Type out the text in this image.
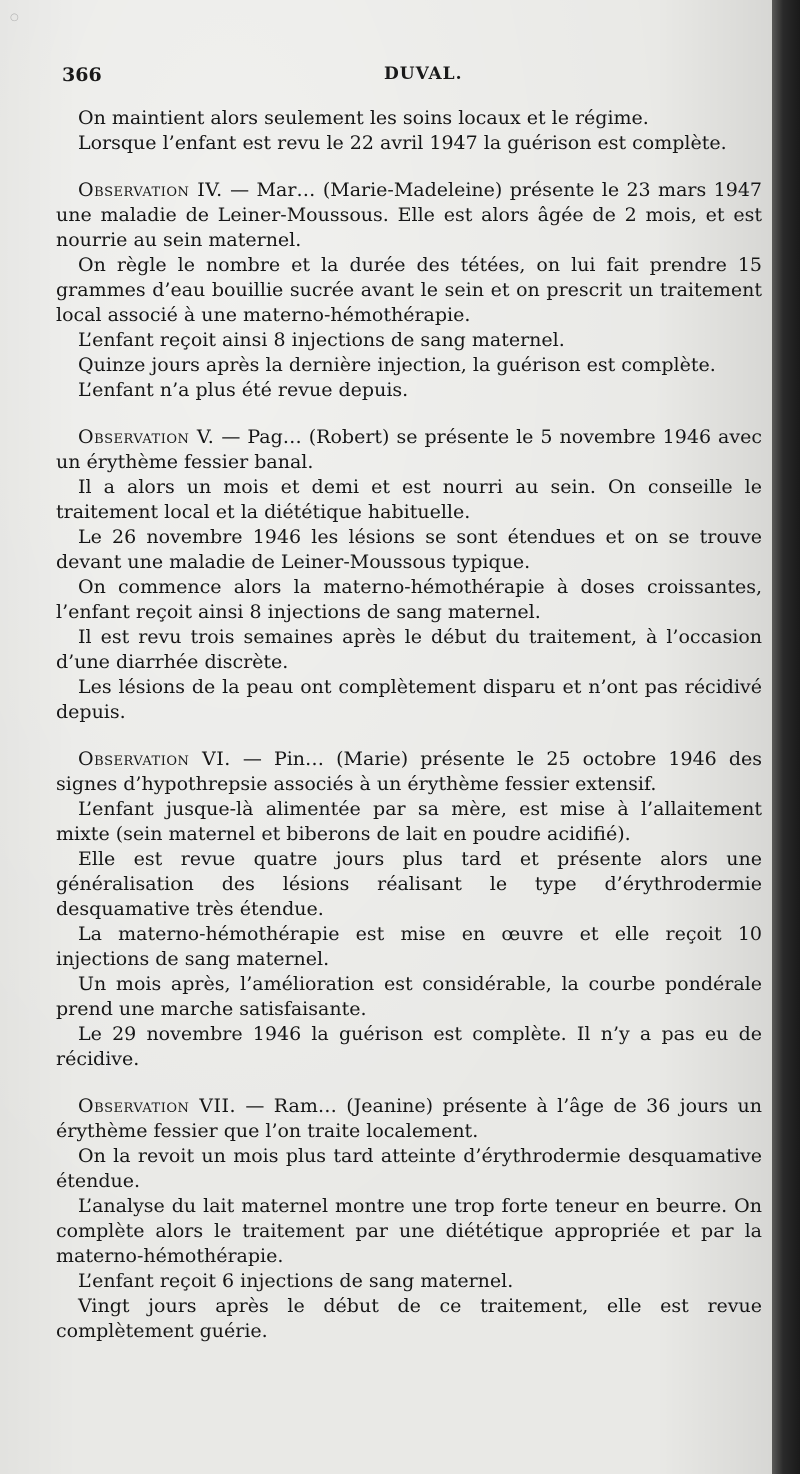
○
366	DUVAL.

On maintient alors seulement les soins locaux et le régime.

Lorsque l’enfant est revu le 22 avril 1947 la guérison est complète.

Observation IV. — Mar… (Marie-Madeleine) présente le 23 mars 1947 une maladie de Leiner-Moussous. Elle est alors âgée de 2 mois, et est nourrie au sein maternel.

On règle le nombre et la durée des tétées, on lui fait prendre 15 grammes d’eau bouillie sucrée avant le sein et on prescrit un traitement local associé à une materno-hémothérapie.

L’enfant reçoit ainsi 8 injections de sang maternel.

Quinze jours après la dernière injection, la guérison est complète.

L’enfant n’a plus été revue depuis.

Observation V. — Pag… (Robert) se présente le 5 novembre 1946 avec un érythème fessier banal.

Il a alors un mois et demi et est nourri au sein. On conseille le traitement local et la diététique habituelle.

Le 26 novembre 1946 les lésions se sont étendues et on se trouve devant une maladie de Leiner-Moussous typique.

On commence alors la materno-hémothérapie à doses croissantes, l’enfant reçoit ainsi 8 injections de sang maternel.

Il est revu trois semaines après le début du traitement, à l’occasion d’une diarrhée discrète.

Les lésions de la peau ont complètement disparu et n’ont pas récidivé depuis.

Observation VI. — Pin… (Marie) présente le 25 octobre 1946 des signes d’hypothrepsie associés à un érythème fessier extensif.

L’enfant jusque-là alimentée par sa mère, est mise à l’allaitement mixte (sein maternel et biberons de lait en poudre acidifié).

Elle est revue quatre jours plus tard et présente alors une généralisation des lésions réalisant le type d’érythrodermie desquamative très étendue.

La materno-hémothérapie est mise en œuvre et elle reçoit 10 injections de sang maternel.

Un mois après, l’amélioration est considérable, la courbe pondérale prend une marche satisfaisante.

Le 29 novembre 1946 la guérison est complète. Il n’y a pas eu de récidive.

Observation VII. — Ram… (Jeanine) présente à l’âge de 36 jours un érythème fessier que l’on traite localement.

On la revoit un mois plus tard atteinte d’érythrodermie desquamative étendue.

L’analyse du lait maternel montre une trop forte teneur en beurre. On complète alors le traitement par une diététique appropriée et par la materno-hémothérapie.

L’enfant reçoit 6 injections de sang maternel.

Vingt jours après le début de ce traitement, elle est revue complètement guérie.
